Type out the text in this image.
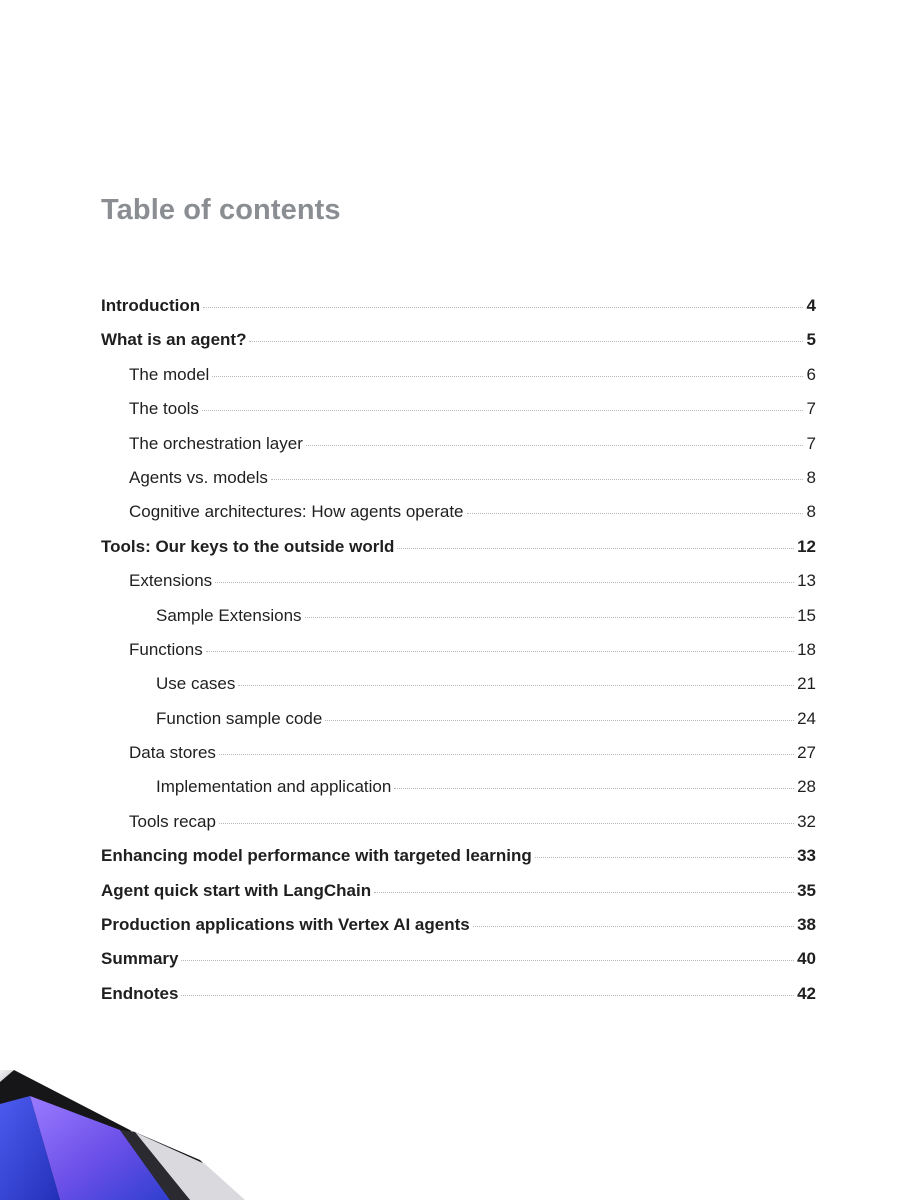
Table of contents
Introduction	4
What is an agent?	5
The model	6
The tools	7
The orchestration layer	7
Agents vs. models	8
Cognitive architectures: How agents operate	8
Tools: Our keys to the outside world	12
Extensions	13
Sample Extensions	15
Functions	18
Use cases	21
Function sample code	24
Data stores	27
Implementation and application	28
Tools recap	32
Enhancing model performance with targeted learning	33
Agent quick start with LangChain	35
Production applications with Vertex AI agents	38
Summary	40
Endnotes	42
